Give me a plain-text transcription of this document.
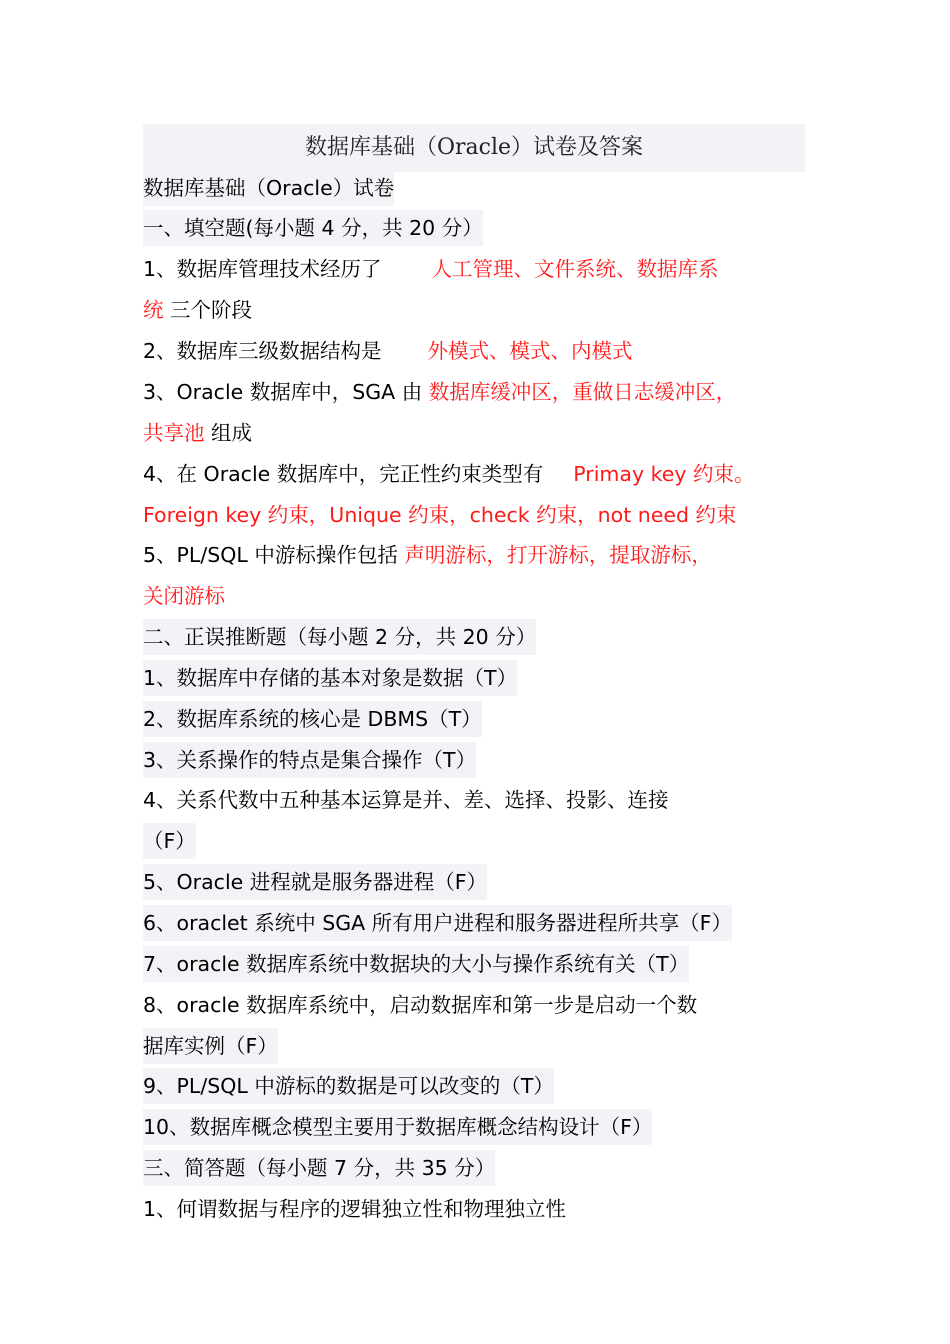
数据库基础（Oracle）试卷及答案
数据库基础（Oracle）试卷
一、填空题(每小题 4 分，共 20 分）
1、数据库管理技术经历了 人工管理、文件系统、数据库系
统 三个阶段
2、数据库三级数据结构是 外模式、模式、内模式
3、Oracle 数据库中，SGA 由 数据库缓冲区，重做日志缓冲区，
共享池 组成
4、在 Oracle 数据库中，完正性约束类型有 Primay key 约束。
Foreign key 约束，Unique 约束，check 约束，not need 约束
5、PL/SQL 中游标操作包括 声明游标，打开游标，提取游标，
关闭游标
二、正误推断题（每小题 2 分，共 20 分）
1、数据库中存储的基本对象是数据（T）
2、数据库系统的核心是 DBMS（T）
3、关系操作的特点是集合操作（T）
4、关系代数中五种基本运算是并、差、选择、投影、连接
（F）
5、Oracle 进程就是服务器进程（F）
6、oraclet 系统中 SGA 所有用户进程和服务器进程所共享（F）
7、oracle 数据库系统中数据块的大小与操作系统有关（T）
8、oracle 数据库系统中，启动数据库和第一步是启动一个数
据库实例（F）
9、PL/SQL 中游标的数据是可以改变的（T）
10、数据库概念模型主要用于数据库概念结构设计（F）
三、简答题（每小题 7 分，共 35 分）
1、何谓数据与程序的逻辑独立性和物理独立性
